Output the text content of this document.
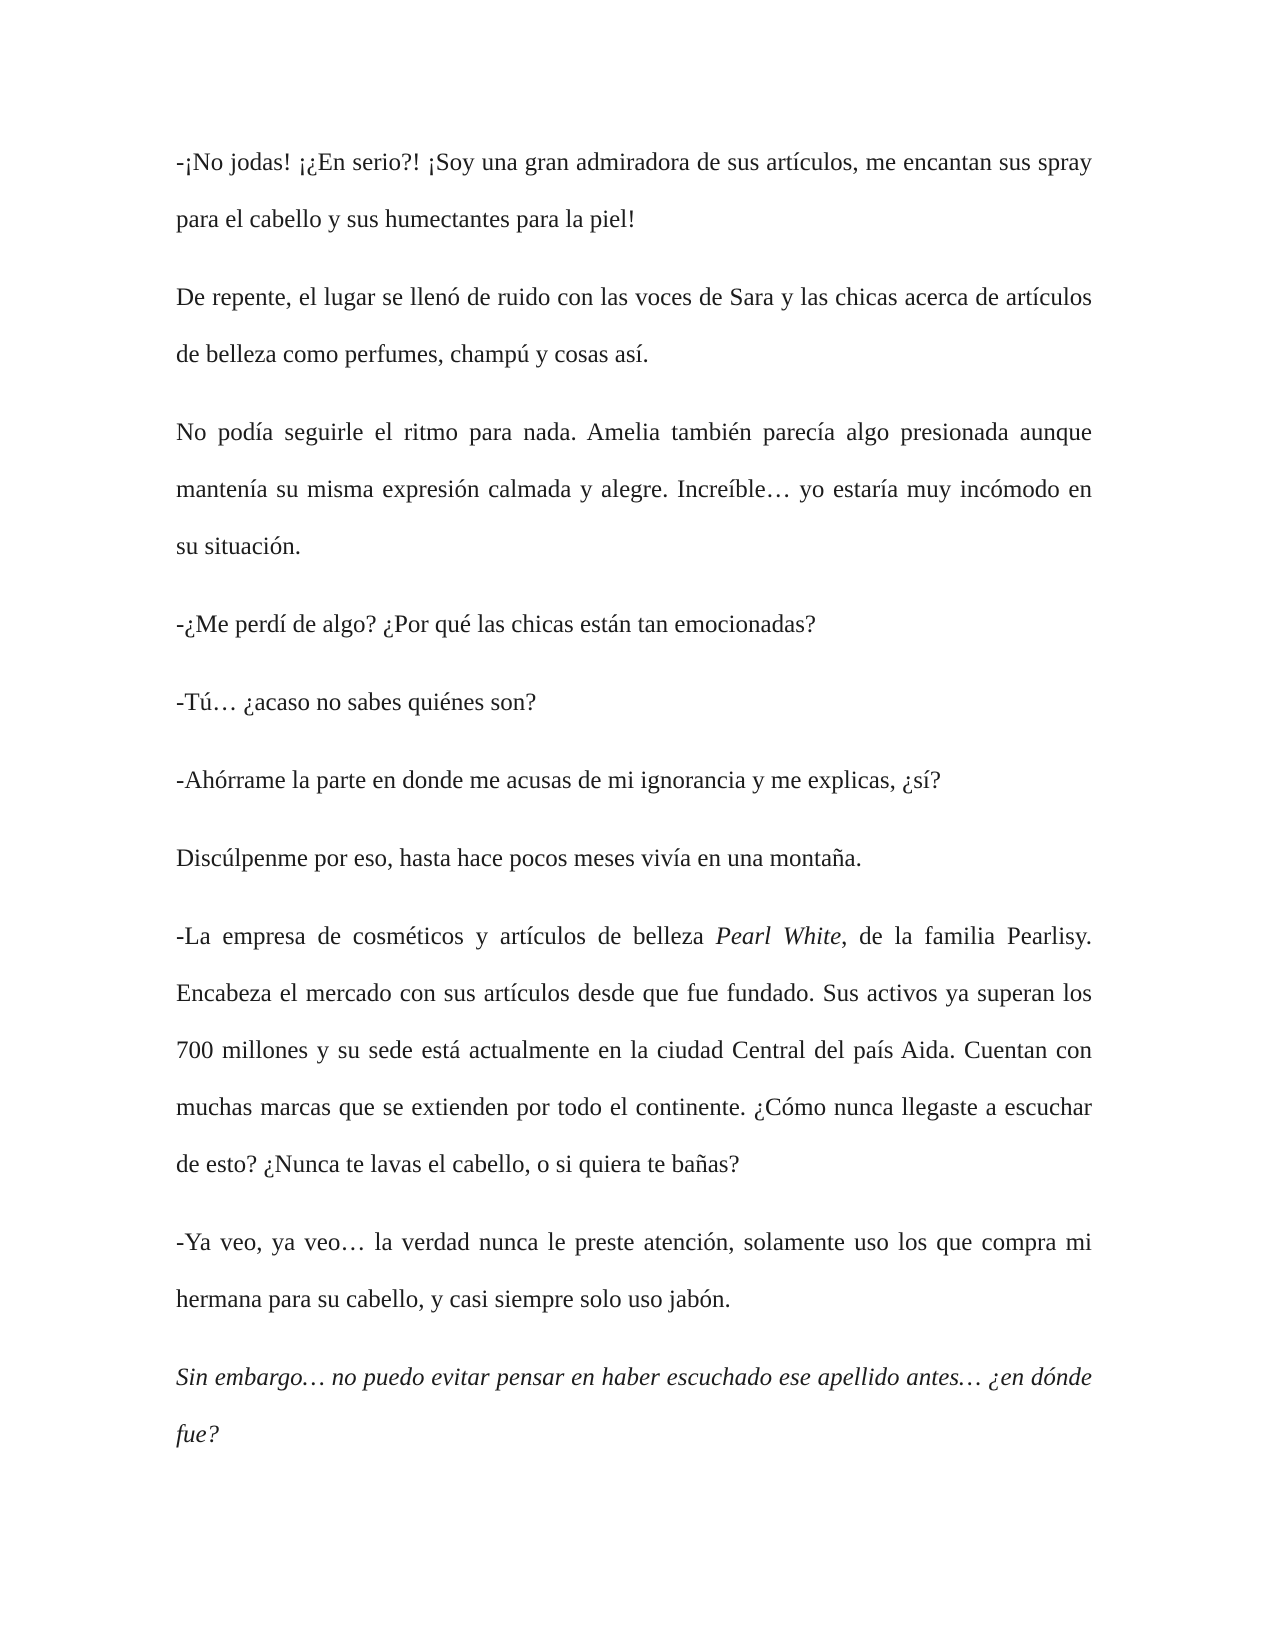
-¡No jodas! ¡¿En serio?! ¡Soy una gran admiradora de sus artículos, me encantan sus spray para el cabello y sus humectantes para la piel!

De repente, el lugar se llenó de ruido con las voces de Sara y las chicas acerca de artículos de belleza como perfumes, champú y cosas así.

No podía seguirle el ritmo para nada. Amelia también parecía algo presionada aunque mantenía su misma expresión calmada y alegre. Increíble… yo estaría muy incómodo en su situación.

-¿Me perdí de algo? ¿Por qué las chicas están tan emocionadas?

-Tú… ¿acaso no sabes quiénes son?

-Ahórrame la parte en donde me acusas de mi ignorancia y me explicas, ¿sí?

Discúlpenme por eso, hasta hace pocos meses vivía en una montaña.

-La empresa de cosméticos y artículos de belleza Pearl White, de la familia Pearlisy. Encabeza el mercado con sus artículos desde que fue fundado. Sus activos ya superan los 700 millones y su sede está actualmente en la ciudad Central del país Aida. Cuentan con muchas marcas que se extienden por todo el continente. ¿Cómo nunca llegaste a escuchar de esto? ¿Nunca te lavas el cabello, o si quiera te bañas?

-Ya veo, ya veo… la verdad nunca le preste atención, solamente uso los que compra mi hermana para su cabello, y casi siempre solo uso jabón.

Sin embargo… no puedo evitar pensar en haber escuchado ese apellido antes… ¿en dónde fue?
